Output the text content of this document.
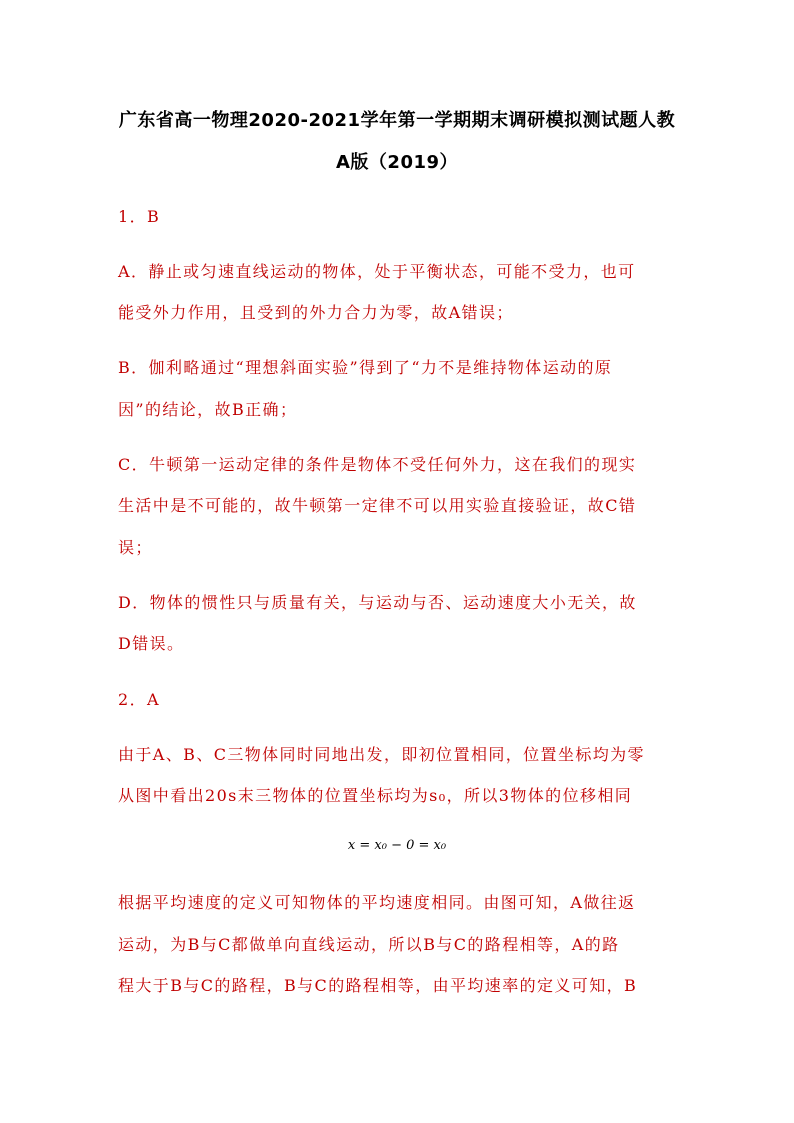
广东省高一物理2020-2021学年第一学期期末调研模拟测试题人教
A版（2019）
1．B
A．静止或匀速直线运动的物体，处于平衡状态，可能不受力，也可
能受外力作用，且受到的外力合力为零，故A错误；
B．伽利略通过“理想斜面实验”得到了“力不是维持物体运动的原
因”的结论，故B正确；
C．牛顿第一运动定律的条件是物体不受任何外力，这在我们的现实
生活中是不可能的，故牛顿第一定律不可以用实验直接验证，故C错
误；
D．物体的惯性只与质量有关，与运动与否、运动速度大小无关，故
D错误。
2．A
由于A、B、C三物体同时同地出发，即初位置相同，位置坐标均为零
从图中看出20s末三物体的位置坐标均为s₀，所以3物体的位移相同
x = x₀ − 0 = x₀
根据平均速度的定义可知物体的平均速度相同。由图可知，A做往返
运动，为B与C都做单向直线运动，所以B与C的路程相等，A的路
程大于B与C的路程，B与C的路程相等，由平均速率的定义可知，B
